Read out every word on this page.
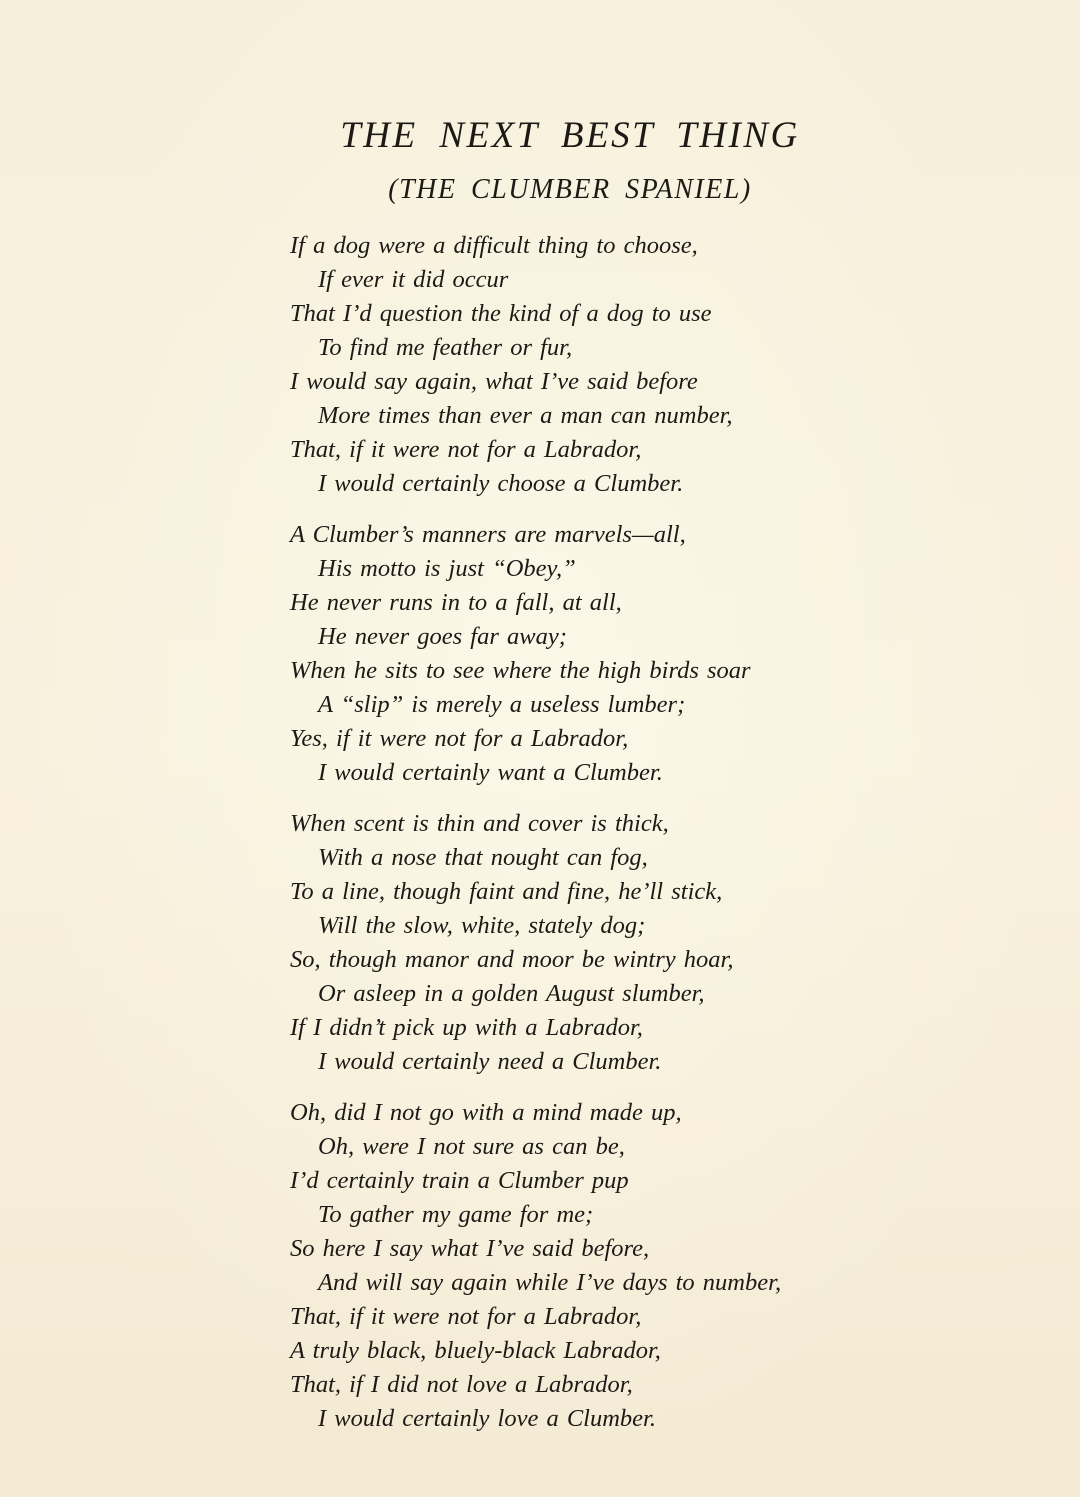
THE NEXT BEST THING
(THE CLUMBER SPANIEL)
If a dog were a difficult thing to choose,
If ever it did occur
That I’d question the kind of a dog to use
To find me feather or fur,
I would say again, what I’ve said before
More times than ever a man can number,
That, if it were not for a Labrador,
I would certainly choose a Clumber.
A Clumber’s manners are marvels—all,
His motto is just “Obey,”
He never runs in to a fall, at all,
He never goes far away;
When he sits to see where the high birds soar
A “slip” is merely a useless lumber;
Yes, if it were not for a Labrador,
I would certainly want a Clumber.
When scent is thin and cover is thick,
With a nose that nought can fog,
To a line, though faint and fine, he’ll stick,
Will the slow, white, stately dog;
So, though manor and moor be wintry hoar,
Or asleep in a golden August slumber,
If I didn’t pick up with a Labrador,
I would certainly need a Clumber.
Oh, did I not go with a mind made up,
Oh, were I not sure as can be,
I’d certainly train a Clumber pup
To gather my game for me;
So here I say what I’ve said before,
And will say again while I’ve days to number,
That, if it were not for a Labrador,
A truly black, bluely-black Labrador,
That, if I did not love a Labrador,
I would certainly love a Clumber.
